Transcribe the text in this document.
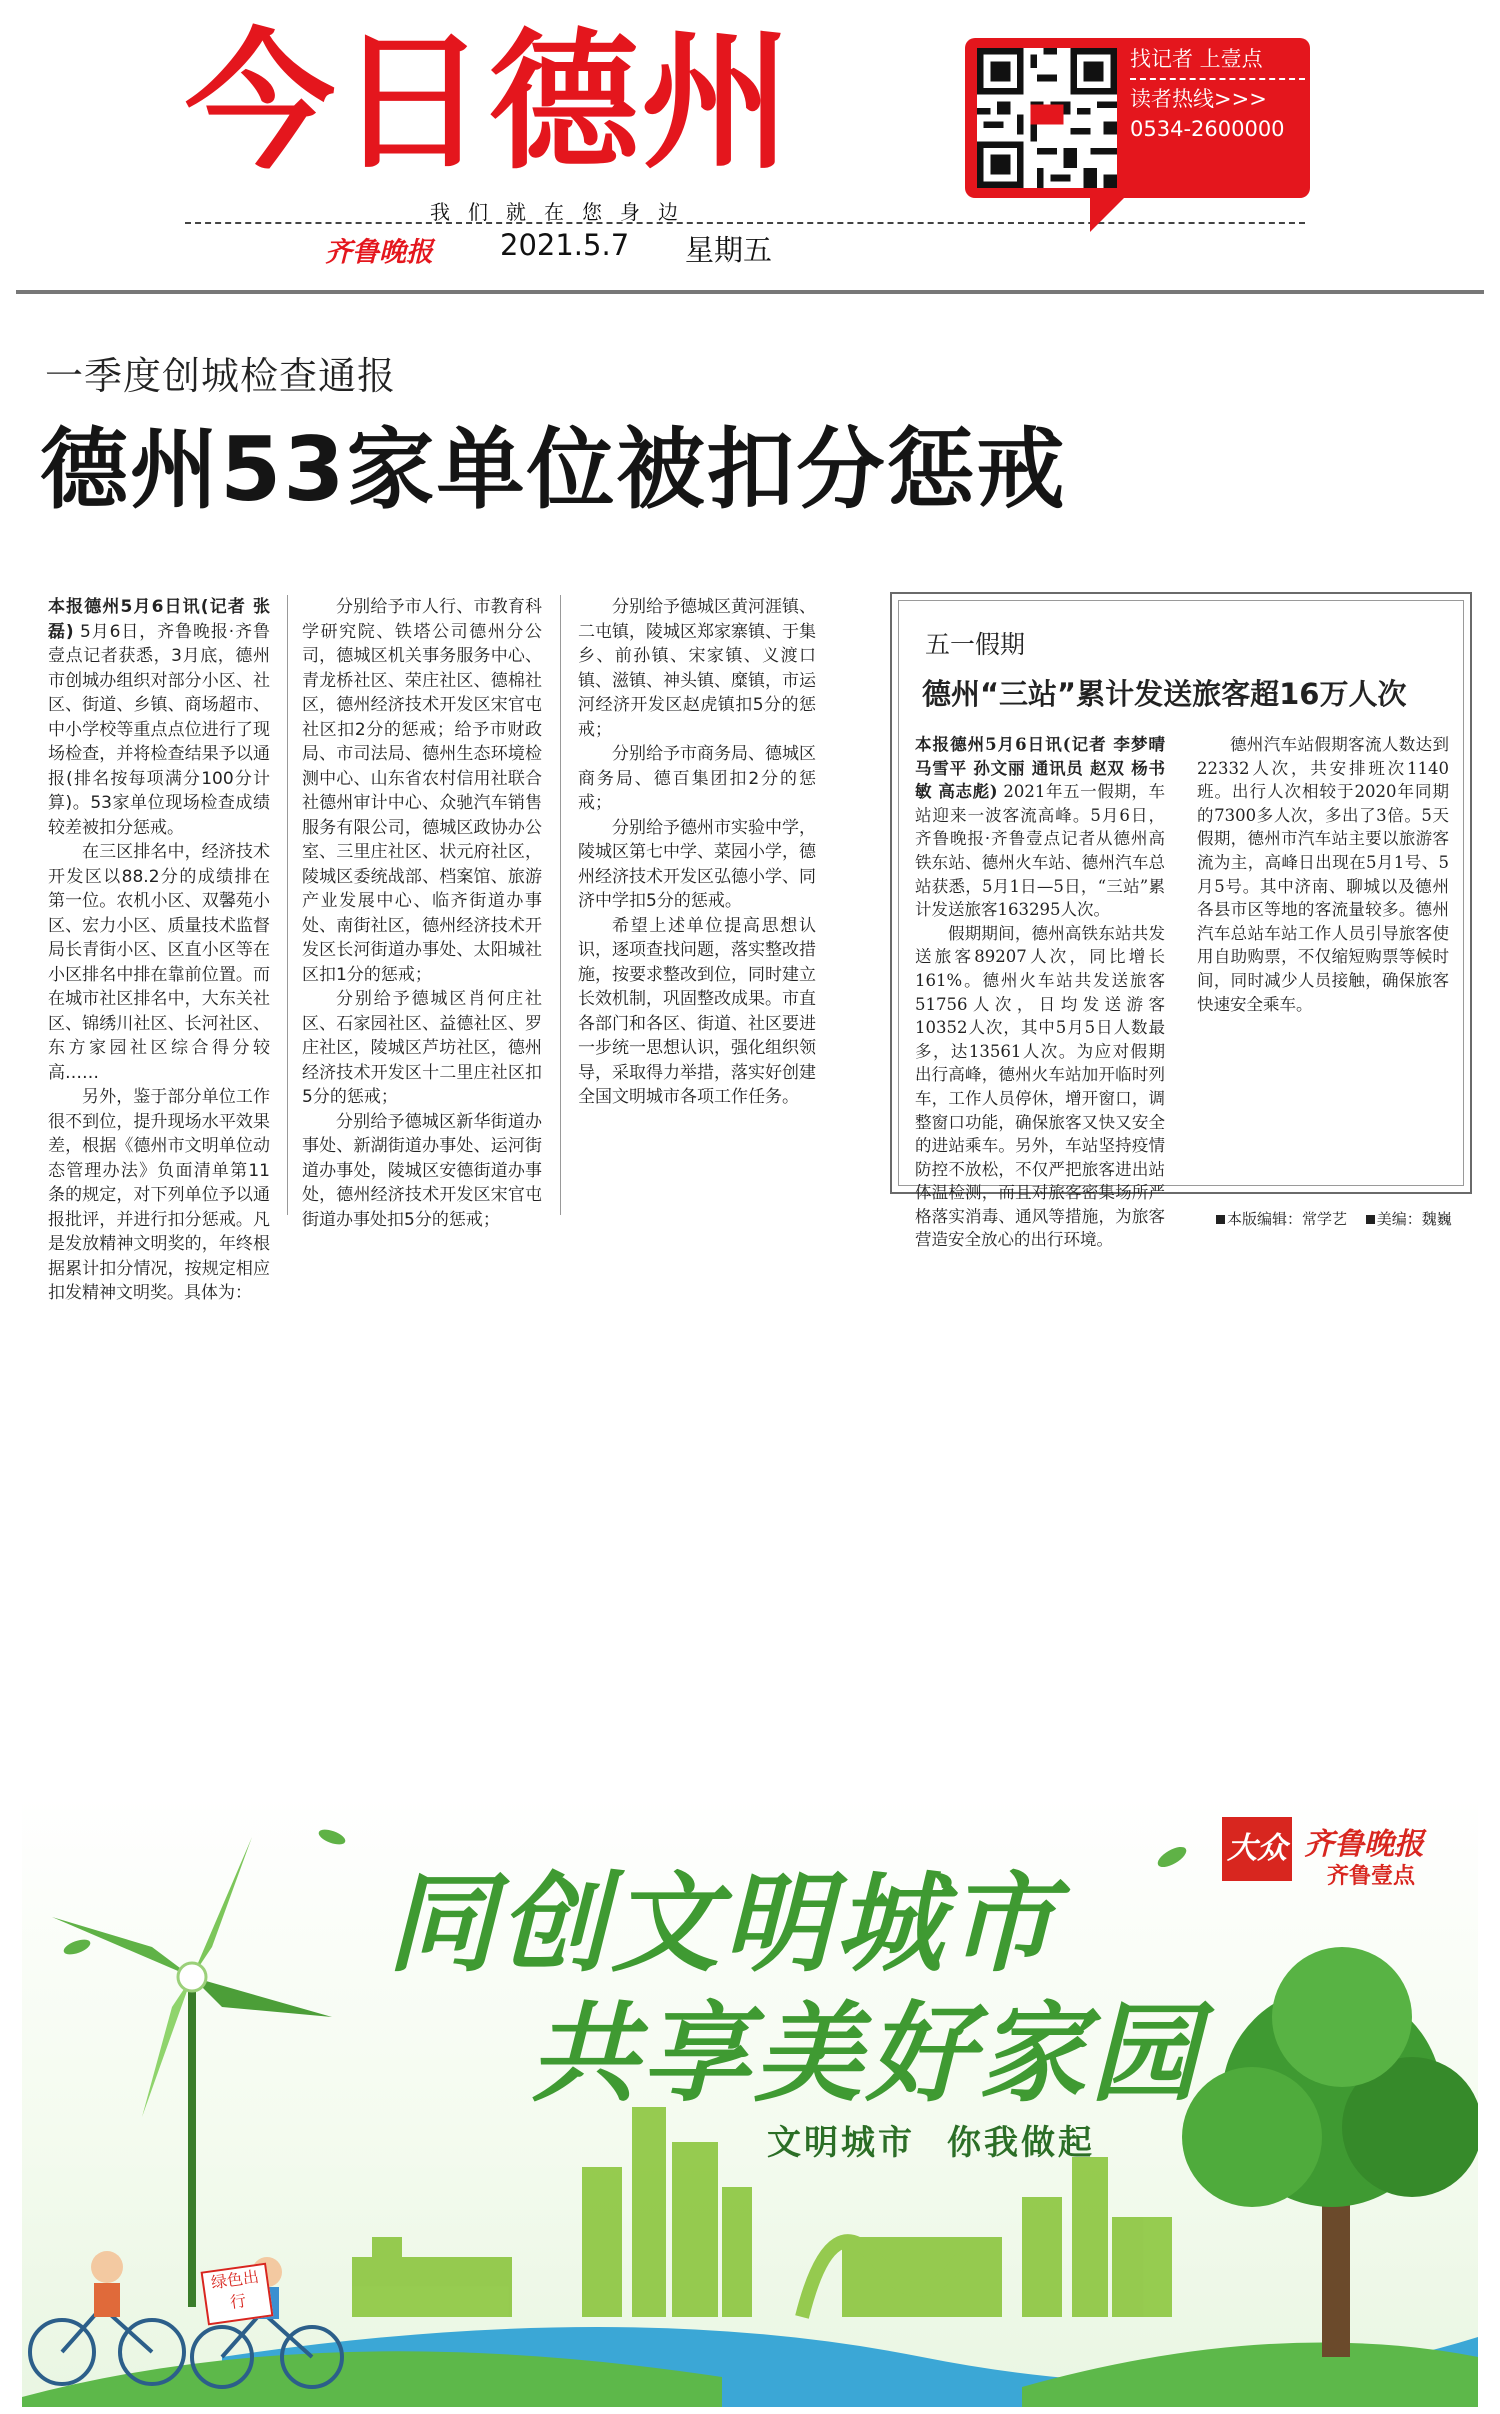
今日德州
我们就在您身边
齐鲁晚报 2021.5.7 星期五
找记者 上壹点
读者热线>>>
0534-2600000
一季度创城检查通报
德州53家单位被扣分惩戒

本报德州5月6日讯(记者 张磊) 5月6日，齐鲁晚报·齐鲁壹点记者获悉，3月底，德州市创城办组织对部分小区、社区、街道、乡镇、商场超市、中小学校等重点点位进行了现场检查，并将检查结果予以通报(排名按每项满分100分计算)。53家单位现场检查成绩较差被扣分惩戒。

在三区排名中，经济技术开发区以88.2分的成绩排在第一位。农机小区、双馨苑小区、宏力小区、质量技术监督局长青街小区、区直小区等在小区排名中排在靠前位置。而在城市社区排名中，大东关社区、锦绣川社区、长河社区、东方家园社区综合得分较高……

另外，鉴于部分单位工作很不到位，提升现场水平效果差，根据《德州市文明单位动态管理办法》负面清单第11条的规定，对下列单位予以通报批评，并进行扣分惩戒。凡是发放精神文明奖的，年终根据累计扣分情况，按规定相应扣发精神文明奖。具体为：

分别给予市人行、市教育科学研究院、铁塔公司德州分公司，德城区机关事务服务中心、青龙桥社区、荣庄社区、德棉社区，德州经济技术开发区宋官屯社区扣2分的惩戒；给予市财政局、市司法局、德州生态环境检测中心、山东省农村信用社联合社德州审计中心、众驰汽车销售服务有限公司，德城区政协办公室、三里庄社区、状元府社区，陵城区委统战部、档案馆、旅游产业发展中心、临齐街道办事处、南街社区，德州经济技术开发区长河街道办事处、太阳城社区扣1分的惩戒；

分别给予德城区肖何庄社区、石家园社区、益德社区、罗庄社区，陵城区芦坊社区，德州经济技术开发区十二里庄社区扣5分的惩戒；

分别给予德城区新华街道办事处、新湖街道办事处、运河街道办事处，陵城区安德街道办事处，德州经济技术开发区宋官屯街道办事处扣5分的惩戒；

分别给予德城区黄河涯镇、二屯镇，陵城区郑家寨镇、于集乡、前孙镇、宋家镇、义渡口镇、滋镇、神头镇、糜镇，市运河经济开发区赵虎镇扣5分的惩戒；

分别给予市商务局、德城区商务局、德百集团扣2分的惩戒；

分别给予德州市实验中学，陵城区第七中学、菜园小学，德州经济技术开发区弘德小学、同济中学扣5分的惩戒。

希望上述单位提高思想认识，逐项查找问题，落实整改措施，按要求整改到位，同时建立长效机制，巩固整改成果。市直各部门和各区、街道、社区要进一步统一思想认识，强化组织领导，采取得力举措，落实好创建全国文明城市各项工作任务。

五一假期
德州“三站”累计发送旅客超16万人次

本报德州5月6日讯(记者 李梦晴 马雪平 孙文丽 通讯员 赵双 杨书敏 高志彪) 2021年五一假期，车站迎来一波客流高峰。5月6日，齐鲁晚报·齐鲁壹点记者从德州高铁东站、德州火车站、德州汽车总站获悉，5月1日—5日，“三站”累计发送旅客163295人次。

假期期间，德州高铁东站共发送旅客89207人次，同比增长161%。德州火车站共发送旅客51756人次，日均发送游客10352人次，其中5月5日人数最多，达13561人次。为应对假期出行高峰，德州火车站加开临时列车，工作人员停休，增开窗口，调整窗口功能，确保旅客又快又安全的进站乘车。另外，车站坚持疫情防控不放松，不仅严把旅客进出站体温检测，而且对旅客密集场所严格落实消毒、通风等措施，为旅客营造安全放心的出行环境。

德州汽车站假期客流人数达到22332人次，共安排班次1140班。出行人次相较于2020年同期的7300多人次，多出了3倍。5天假期，德州市汽车站主要以旅游客流为主，高峰日出现在5月1号、5月5号。其中济南、聊城以及德州各县市区等地的客流量较多。德州汽车总站车站工作人员引导旅客使用自助购票，不仅缩短购票等候时间，同时减少人员接触，确保旅客快速安全乘车。

本版编辑：常学艺 美编：魏巍
同创文明城市
共享美好家园
文明城市 你我做起
大众 齐鲁晚报
齐鲁壹点
绿色出行
